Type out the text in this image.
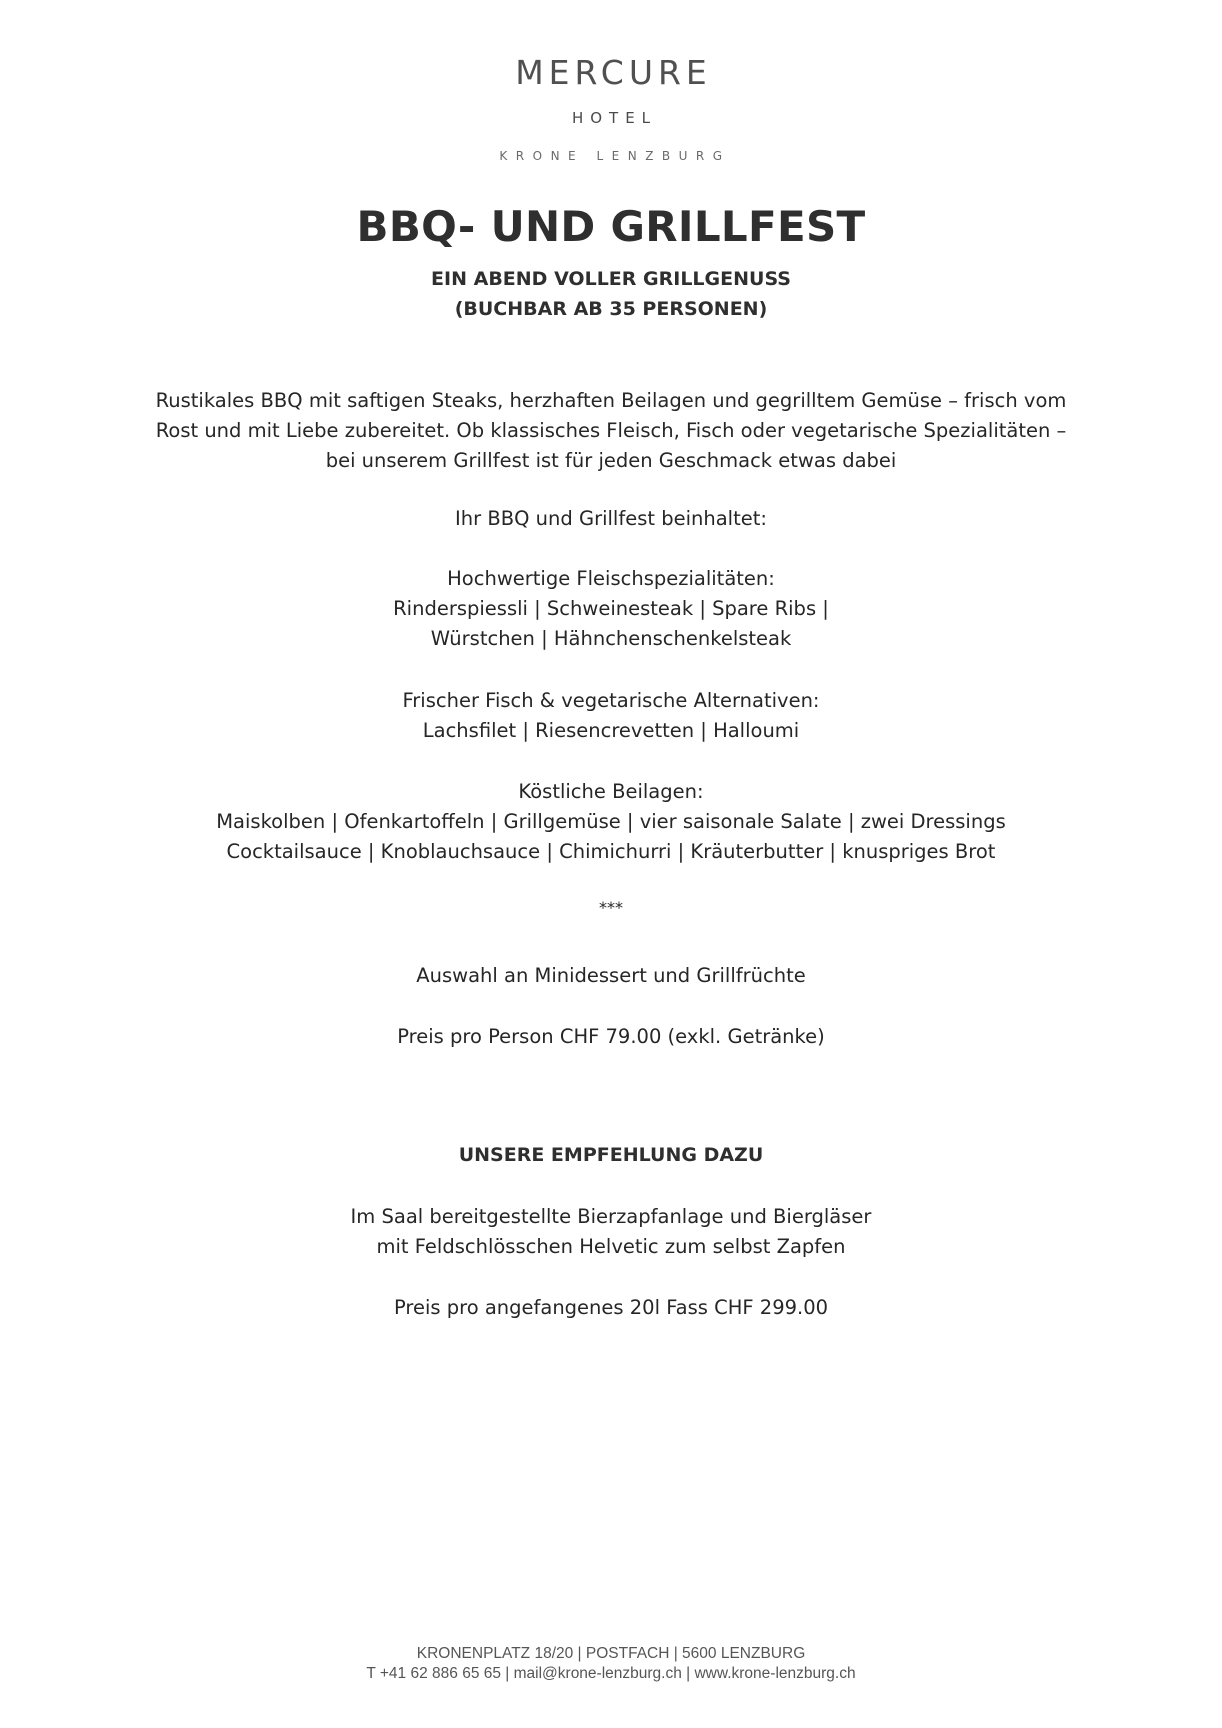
MERCURE
HOTEL
KRONE LENZBURG
BBQ- UND GRILLFEST
EIN ABEND VOLLER GRILLGENUSS
(BUCHBAR AB 35 PERSONEN)
Rustikales BBQ mit saftigen Steaks, herzhaften Beilagen und gegrilltem Gemüse – frisch vom
Rost und mit Liebe zubereitet. Ob klassisches Fleisch, Fisch oder vegetarische Spezialitäten –
bei unserem Grillfest ist für jeden Geschmack etwas dabei
Ihr BBQ und Grillfest beinhaltet:
Hochwertige Fleischspezialitäten:
Rinderspiessli | Schweinesteak | Spare Ribs |
Würstchen | Hähnchenschenkelsteak
Frischer Fisch & vegetarische Alternativen:
Lachsfilet | Riesencrevetten | Halloumi
Köstliche Beilagen:
Maiskolben | Ofenkartoffeln | Grillgemüse | vier saisonale Salate | zwei Dressings
Cocktailsauce | Knoblauchsauce | Chimichurri | Kräuterbutter | knuspriges Brot
***
Auswahl an Minidessert und Grillfrüchte
Preis pro Person CHF 79.00 (exkl. Getränke)
UNSERE EMPFEHLUNG DAZU
Im Saal bereitgestellte Bierzapfanlage und Biergläser
mit Feldschlösschen Helvetic zum selbst Zapfen
Preis pro angefangenes 20l Fass CHF 299.00
KRONENPLATZ 18/20 | POSTFACH | 5600 LENZBURG
T +41 62 886 65 65 | mail@krone-lenzburg.ch | www.krone-lenzburg.ch
